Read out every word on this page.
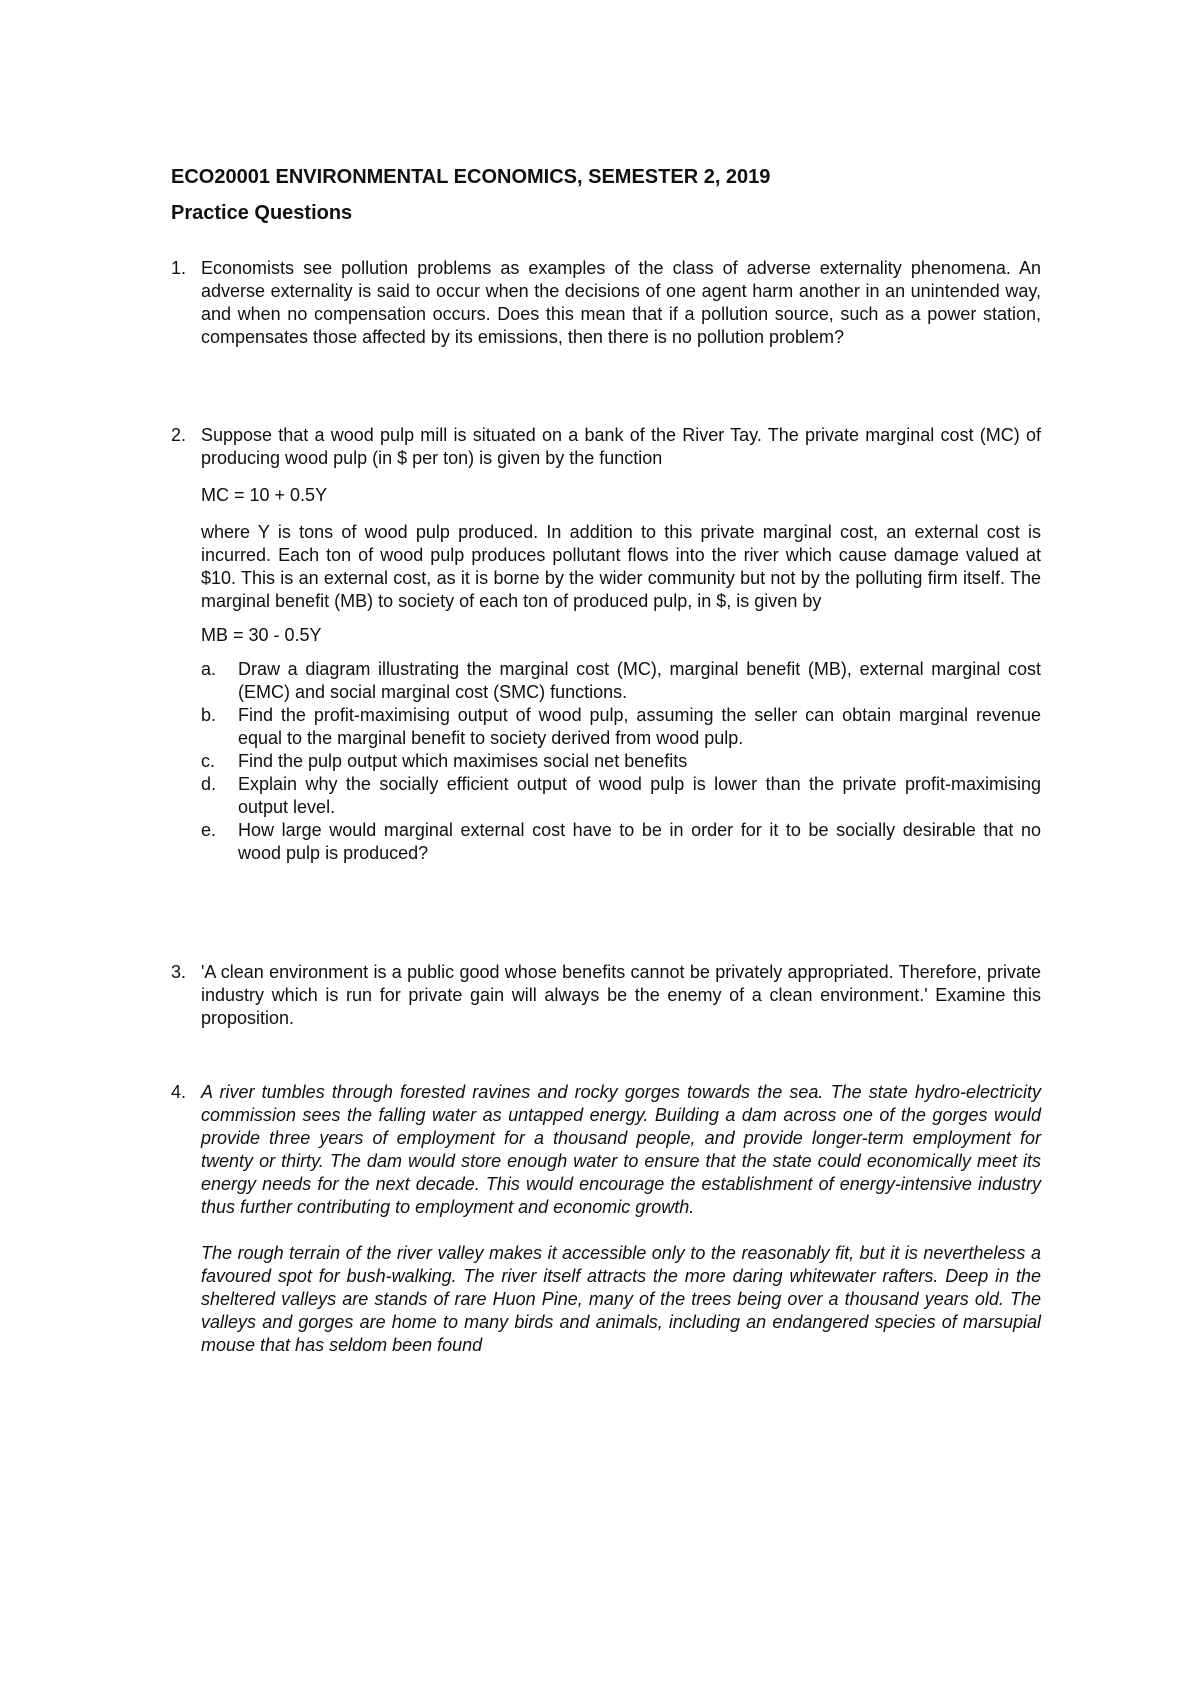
ECO20001 ENVIRONMENTAL ECONOMICS, SEMESTER 2, 2019
Practice Questions
1. Economists see pollution problems as examples of the class of adverse externality phenomena. An adverse externality is said to occur when the decisions of one agent harm another in an unintended way, and when no compensation occurs. Does this mean that if a pollution source, such as a power station, compensates those affected by its emissions, then there is no pollution problem?

2. Suppose that a wood pulp mill is situated on a bank of the River Tay. The private marginal cost (MC) of producing wood pulp (in $ per ton) is given by the function

MC = 10 + 0.5Y

where Y is tons of wood pulp produced. In addition to this private marginal cost, an external cost is incurred. Each ton of wood pulp produces pollutant flows into the river which cause damage valued at $10. This is an external cost, as it is borne by the wider community but not by the polluting firm itself. The marginal benefit (MB) to society of each ton of produced pulp, in $, is given by

MB = 30 - 0.5Y

a. Draw a diagram illustrating the marginal cost (MC), marginal benefit (MB), external marginal cost (EMC) and social marginal cost (SMC) functions.
b. Find the profit-maximising output of wood pulp, assuming the seller can obtain marginal revenue equal to the marginal benefit to society derived from wood pulp.
c. Find the pulp output which maximises social net benefits
d. Explain why the socially efficient output of wood pulp is lower than the private profit-maximising output level.
e. How large would marginal external cost have to be in order for it to be socially desirable that no wood pulp is produced?
3. 'A clean environment is a public good whose benefits cannot be privately appropriated. Therefore, private industry which is run for private gain will always be the enemy of a clean environment.' Examine this proposition.

4. A river tumbles through forested ravines and rocky gorges towards the sea. The state hydro-electricity commission sees the falling water as untapped energy. Building a dam across one of the gorges would provide three years of employment for a thousand people, and provide longer-term employment for twenty or thirty. The dam would store enough water to ensure that the state could economically meet its energy needs for the next decade. This would encourage the establishment of energy-intensive industry thus further contributing to employment and economic growth.

The rough terrain of the river valley makes it accessible only to the reasonably fit, but it is nevertheless a favoured spot for bush-walking. The river itself attracts the more daring whitewater rafters. Deep in the sheltered valleys are stands of rare Huon Pine, many of the trees being over a thousand years old. The valleys and gorges are home to many birds and animals, including an endangered species of marsupial mouse that has seldom been found
